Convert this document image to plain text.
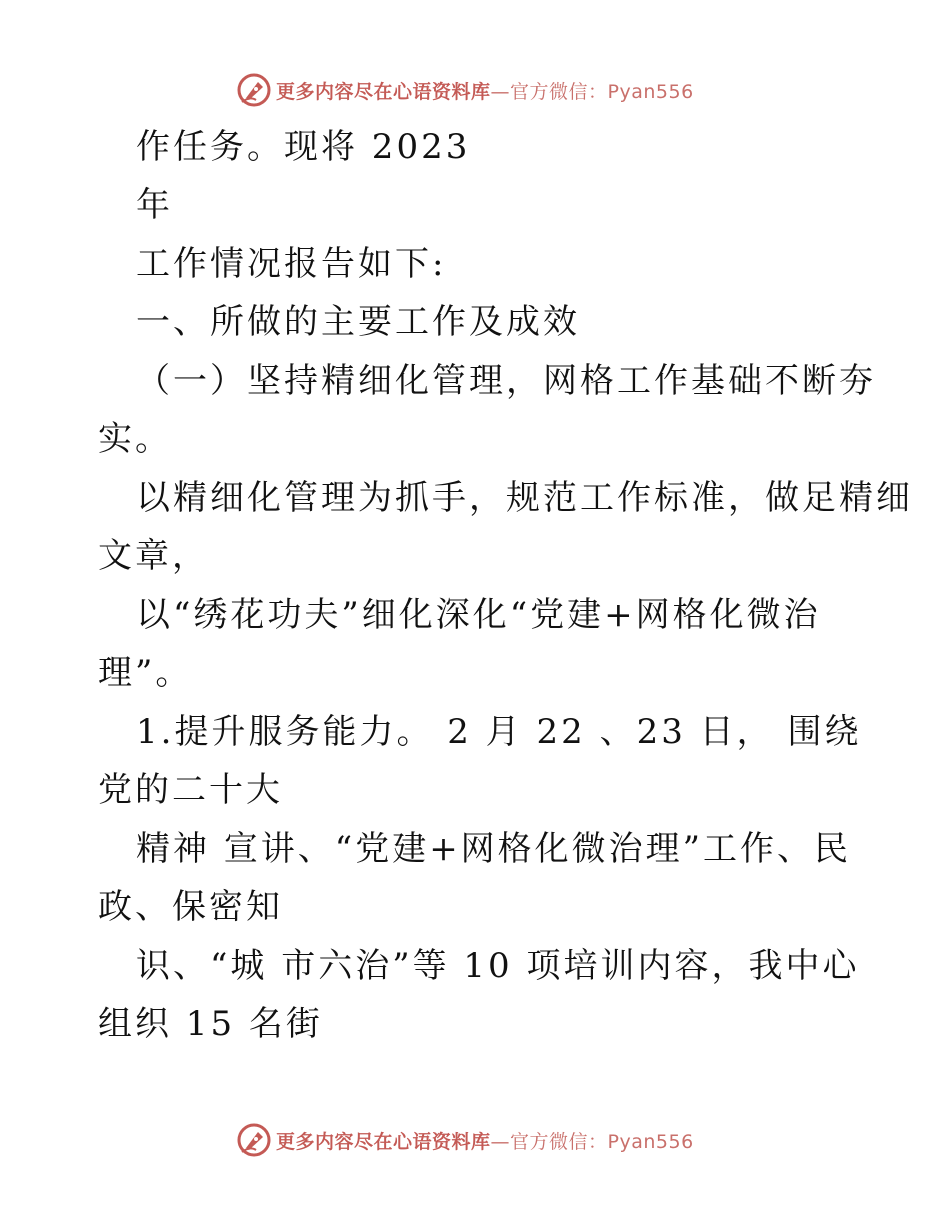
更多内容尽在心语资料库—官方微信：Pyan556
作任务。现将 2023
年
工作情况报告如下:
一、所做的主要工作及成效
（一）坚持精细化管理，网格工作基础不断夯
实。
以精细化管理为抓手，规范工作标准，做足精细
文章，
以“绣花功夫”细化深化“党建+网格化微治
理”。
1.提升服务能力。 2 月 22 、23 日， 围绕
党的二十大
精神 宣讲、“党建+网格化微治理”工作、民
政、保密知
识、“城 市六治”等 10 项培训内容，我中心
组织 15 名街
更多内容尽在心语资料库—官方微信：Pyan556
